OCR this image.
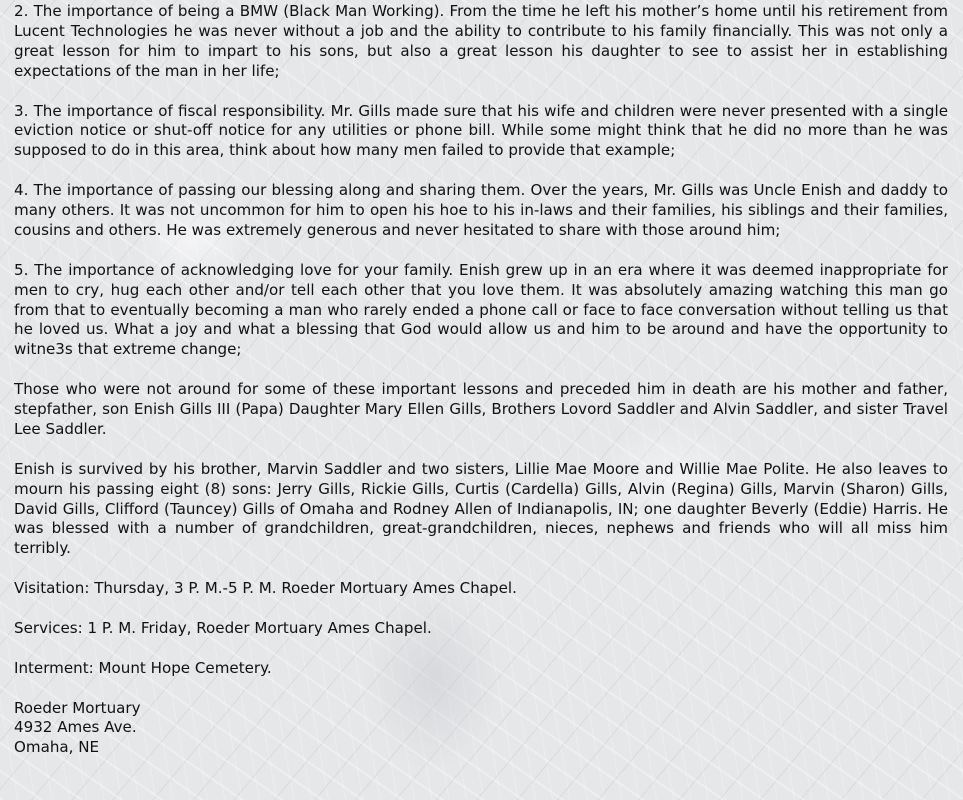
2. The importance of being a BMW (Black Man Working). From the time he left his mother’s home until his retirement from Lucent Technologies he was never without a job and the ability to contribute to his family financially. This was not only a great lesson for him to impart to his sons, but also a great lesson his daughter to see to assist her in establishing expectations of the man in her life;

3. The importance of fiscal responsibility. Mr. Gills made sure that his wife and children were never presented with a single eviction notice or shut-off notice for any utilities or phone bill. While some might think that he did no more than he was supposed to do in this area, think about how many men failed to provide that example;

4. The importance of passing our blessing along and sharing them. Over the years, Mr. Gills was Uncle Enish and daddy to many others. It was not uncommon for him to open his hoe to his in-laws and their families, his siblings and their families, cousins and others. He was extremely generous and never hesitated to share with those around him;

5. The importance of acknowledging love for your family. Enish grew up in an era where it was deemed inappropriate for men to cry, hug each other and/or tell each other that you love them. It was absolutely amazing watching this man go from that to eventually becoming a man who rarely ended a phone call or face to face conversation without telling us that he loved us. What a joy and what a blessing that God would allow us and him to be around and have the opportunity to witne3s that extreme change;

Those who were not around for some of these important lessons and preceded him in death are his mother and father, stepfather, son Enish Gills III (Papa) Daughter Mary Ellen Gills, Brothers Lovord Saddler and Alvin Saddler, and sister Travel Lee Saddler.

Enish is survived by his brother, Marvin Saddler and two sisters, Lillie Mae Moore and Willie Mae Polite. He also leaves to mourn his passing eight (8) sons: Jerry Gills, Rickie Gills, Curtis (Cardella) Gills, Alvin (Regina) Gills, Marvin (Sharon) Gills, David Gills, Clifford (Tauncey) Gills of Omaha and Rodney Allen of Indianapolis, IN; one daughter Beverly (Eddie) Harris. He was blessed with a number of grandchildren, great-grandchildren, nieces, nephews and friends who will all miss him terribly.

Visitation: Thursday, 3 P. M.-5 P. M. Roeder Mortuary Ames Chapel.

Services: 1 P. M. Friday, Roeder Mortuary Ames Chapel.

Interment: Mount Hope Cemetery.

Roeder Mortuary

4932 Ames Ave.

Omaha, NE
